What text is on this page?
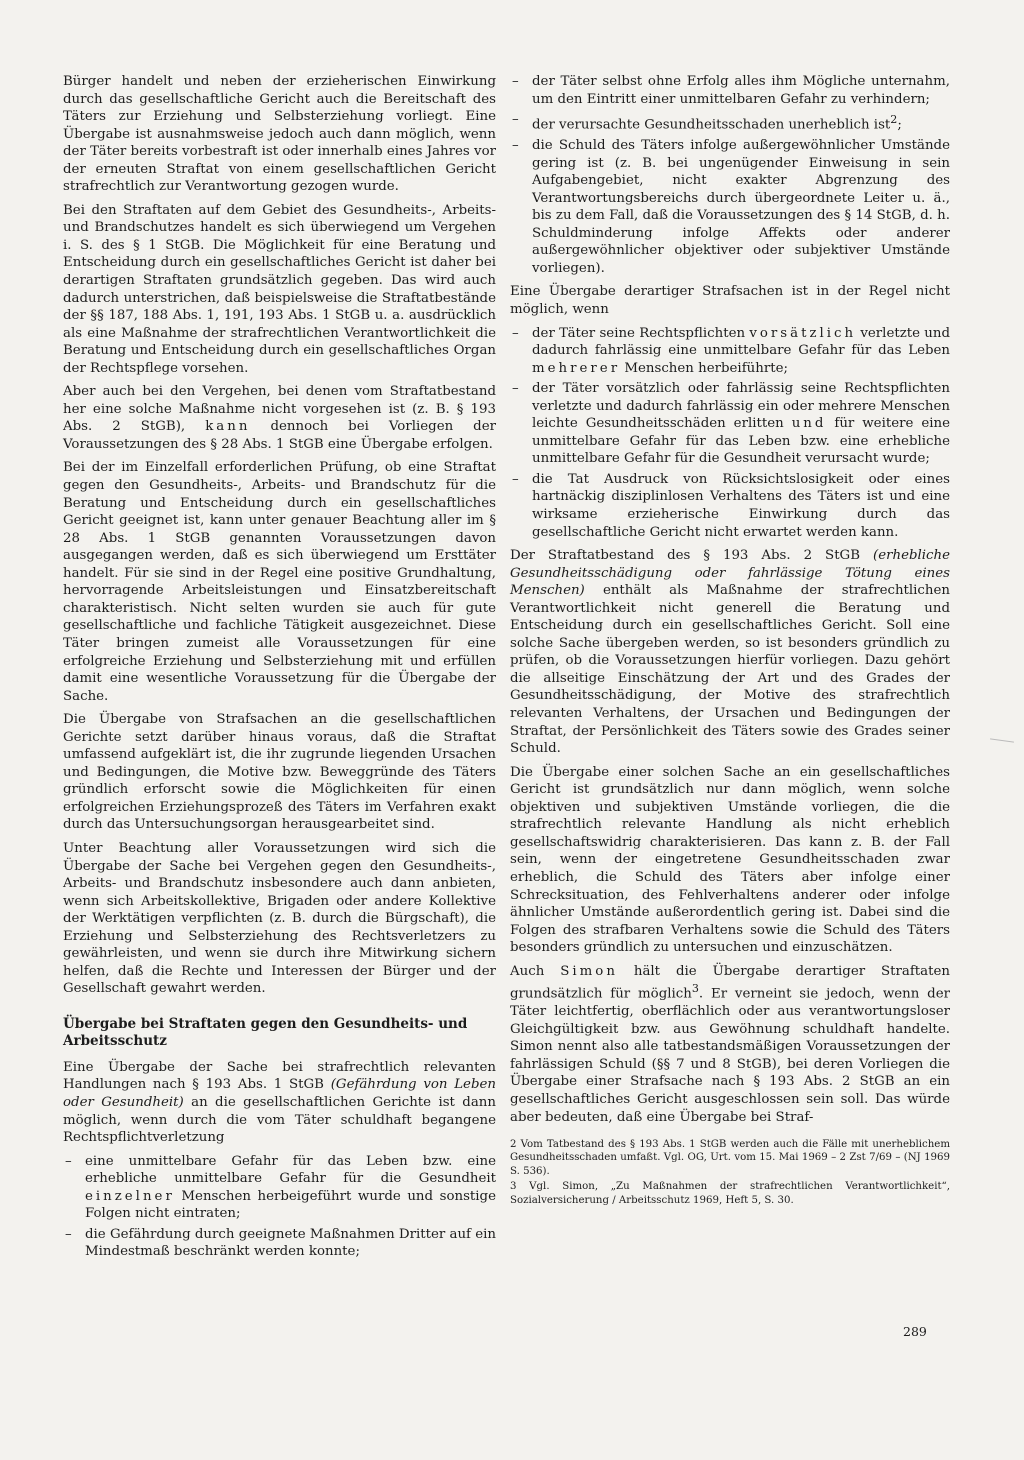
Bürger handelt und neben der erzieherischen Einwirkung durch das gesellschaftliche Gericht auch die Bereitschaft des Täters zur Erziehung und Selbsterziehung vorliegt. Eine Übergabe ist ausnahmsweise jedoch auch dann möglich, wenn der Täter bereits vorbestraft ist oder innerhalb eines Jahres vor der erneuten Straftat von einem gesellschaftlichen Gericht strafrechtlich zur Verantwortung gezogen wurde.

Bei den Straftaten auf dem Gebiet des Gesundheits-, Arbeits- und Brandschutzes handelt es sich überwiegend um Vergehen i. S. des § 1 StGB. Die Möglichkeit für eine Beratung und Entscheidung durch ein gesellschaftliches Gericht ist daher bei derartigen Straftaten grundsätzlich gegeben. Das wird auch dadurch unterstrichen, daß beispielsweise die Straftatbestände der §§ 187, 188 Abs. 1, 191, 193 Abs. 1 StGB u. a. ausdrücklich als eine Maßnahme der strafrechtlichen Verantwortlichkeit die Beratung und Entscheidung durch ein gesellschaftliches Organ der Rechtspflege vorsehen.

Aber auch bei den Vergehen, bei denen vom Straftatbestand her eine solche Maßnahme nicht vorgesehen ist (z. B. § 193 Abs. 2 StGB), kann dennoch bei Vorliegen der Voraussetzungen des § 28 Abs. 1 StGB eine Übergabe erfolgen.

Bei der im Einzelfall erforderlichen Prüfung, ob eine Straftat gegen den Gesundheits-, Arbeits- und Brandschutz für die Beratung und Entscheidung durch ein gesellschaftliches Gericht geeignet ist, kann unter genauer Beachtung aller im § 28 Abs. 1 StGB genannten Voraussetzungen davon ausgegangen werden, daß es sich überwiegend um Ersttäter handelt. Für sie sind in der Regel eine positive Grundhaltung, hervorragende Arbeitsleistungen und Einsatzbereitschaft charakteristisch. Nicht selten wurden sie auch für gute gesellschaftliche und fachliche Tätigkeit ausgezeichnet. Diese Täter bringen zumeist alle Voraussetzungen für eine erfolgreiche Erziehung und Selbsterziehung mit und erfüllen damit eine wesentliche Voraussetzung für die Übergabe der Sache.

Die Übergabe von Strafsachen an die gesellschaftlichen Gerichte setzt darüber hinaus voraus, daß die Straftat umfassend aufgeklärt ist, die ihr zugrunde liegenden Ursachen und Bedingungen, die Motive bzw. Beweggründe des Täters gründlich erforscht sowie die Möglichkeiten für einen erfolgreichen Erziehungsprozeß des Täters im Verfahren exakt durch das Untersuchungsorgan herausgearbeitet sind.

Unter Beachtung aller Voraussetzungen wird sich die Übergabe der Sache bei Vergehen gegen den Gesundheits-, Arbeits- und Brandschutz insbesondere auch dann anbieten, wenn sich Arbeitskollektive, Brigaden oder andere Kollektive der Werktätigen verpflichten (z. B. durch die Bürgschaft), die Erziehung und Selbsterziehung des Rechtsverletzers zu gewährleisten, und wenn sie durch ihre Mitwirkung sichern helfen, daß die Rechte und Interessen der Bürger und der Gesellschaft gewahrt werden.

Übergabe bei Straftaten gegen den Gesundheits- und Arbeitsschutz

Eine Übergabe der Sache bei strafrechtlich relevanten Handlungen nach § 193 Abs. 1 StGB (Gefährdung von Leben oder Gesundheit) an die gesellschaftlichen Gerichte ist dann möglich, wenn durch die vom Täter schuldhaft begangene Rechtspflichtverletzung

– eine unmittelbare Gefahr für das Leben bzw. eine erhebliche unmittelbare Gefahr für die Gesundheit einzelner Menschen herbeigeführt wurde und sonstige Folgen nicht eintraten;
– die Gefährdung durch geeignete Maßnahmen Dritter auf ein Mindestmaß beschränkt werden konnte;
– der Täter selbst ohne Erfolg alles ihm Mögliche unternahm, um den Eintritt einer unmittelbaren Gefahr zu verhindern;
– der verursachte Gesundheitsschaden unerheblich ist$^2$;
– die Schuld des Täters infolge außergewöhnlicher Umstände gering ist (z. B. bei ungenügender Einweisung in sein Aufgabengebiet, nicht exakter Abgrenzung des Verantwortungsbereichs durch übergeordnete Leiter u. ä., bis zu dem Fall, daß die Voraussetzungen des § 14 StGB, d. h. Schuldminderung infolge Affekts oder anderer außergewöhnlicher objektiver oder subjektiver Umstände vorliegen).

Eine Übergabe derartiger Strafsachen ist in der Regel nicht möglich, wenn

– der Täter seine Rechtspflichten vorsätzlich verletzte und dadurch fahrlässig eine unmittelbare Gefahr für das Leben mehrerer Menschen herbeiführte;
– der Täter vorsätzlich oder fahrlässig seine Rechtspflichten verletzte und dadurch fahrlässig ein oder mehrere Menschen leichte Gesundheitsschäden erlitten und für weitere eine unmittelbare Gefahr für das Leben bzw. eine erhebliche unmittelbare Gefahr für die Gesundheit verursacht wurde;
– die Tat Ausdruck von Rücksichtslosigkeit oder eines hartnäckig disziplinlosen Verhaltens des Täters ist und eine wirksame erzieherische Einwirkung durch das gesellschaftliche Gericht nicht erwartet werden kann.

Der Straftatbestand des § 193 Abs. 2 StGB (erhebliche Gesundheitsschädigung oder fahrlässige Tötung eines Menschen) enthält als Maßnahme der strafrechtlichen Verantwortlichkeit nicht generell die Beratung und Entscheidung durch ein gesellschaftliches Gericht. Soll eine solche Sache übergeben werden, so ist besonders gründlich zu prüfen, ob die Voraussetzungen hierfür vorliegen. Dazu gehört die allseitige Einschätzung der Art und des Grades der Gesundheitsschädigung, der Motive des strafrechtlich relevanten Verhaltens, der Ursachen und Bedingungen der Straftat, der Persönlichkeit des Täters sowie des Grades seiner Schuld.

Die Übergabe einer solchen Sache an ein gesellschaftliches Gericht ist grundsätzlich nur dann möglich, wenn solche objektiven und subjektiven Umstände vorliegen, die die strafrechtlich relevante Handlung als nicht erheblich gesellschaftswidrig charakterisieren. Das kann z. B. der Fall sein, wenn der eingetretene Gesundheitsschaden zwar erheblich, die Schuld des Täters aber infolge einer Schrecksituation, des Fehlverhaltens anderer oder infolge ähnlicher Umstände außerordentlich gering ist. Dabei sind die Folgen des strafbaren Verhaltens sowie die Schuld des Täters besonders gründlich zu untersuchen und einzuschätzen.

Auch Simon hält die Übergabe derartiger Straftaten grundsätzlich für möglich$^3$. Er verneint sie jedoch, wenn der Täter leichtfertig, oberflächlich oder aus verantwortungsloser Gleichgültigkeit bzw. aus Gewöhnung schuldhaft handelte. Simon nennt also alle tatbestandsmäßigen Voraussetzungen der fahrlässigen Schuld (§§ 7 und 8 StGB), bei deren Vorliegen die Übergabe einer Strafsache nach § 193 Abs. 2 StGB an ein gesellschaftliches Gericht ausgeschlossen sein soll. Das würde aber bedeuten, daß eine Übergabe bei Straf-

2 Vom Tatbestand des § 193 Abs. 1 StGB werden auch die Fälle mit unerheblichem Gesundheitsschaden umfaßt. Vgl. OG, Urt. vom 15. Mai 1969 – 2 Zst 7/69 – (NJ 1969 S. 536).

3 Vgl. Simon, „Zu Maßnahmen der strafrechtlichen Verantwortlichkeit“, Sozialversicherung / Arbeitsschutz 1969, Heft 5, S. 30.

289
